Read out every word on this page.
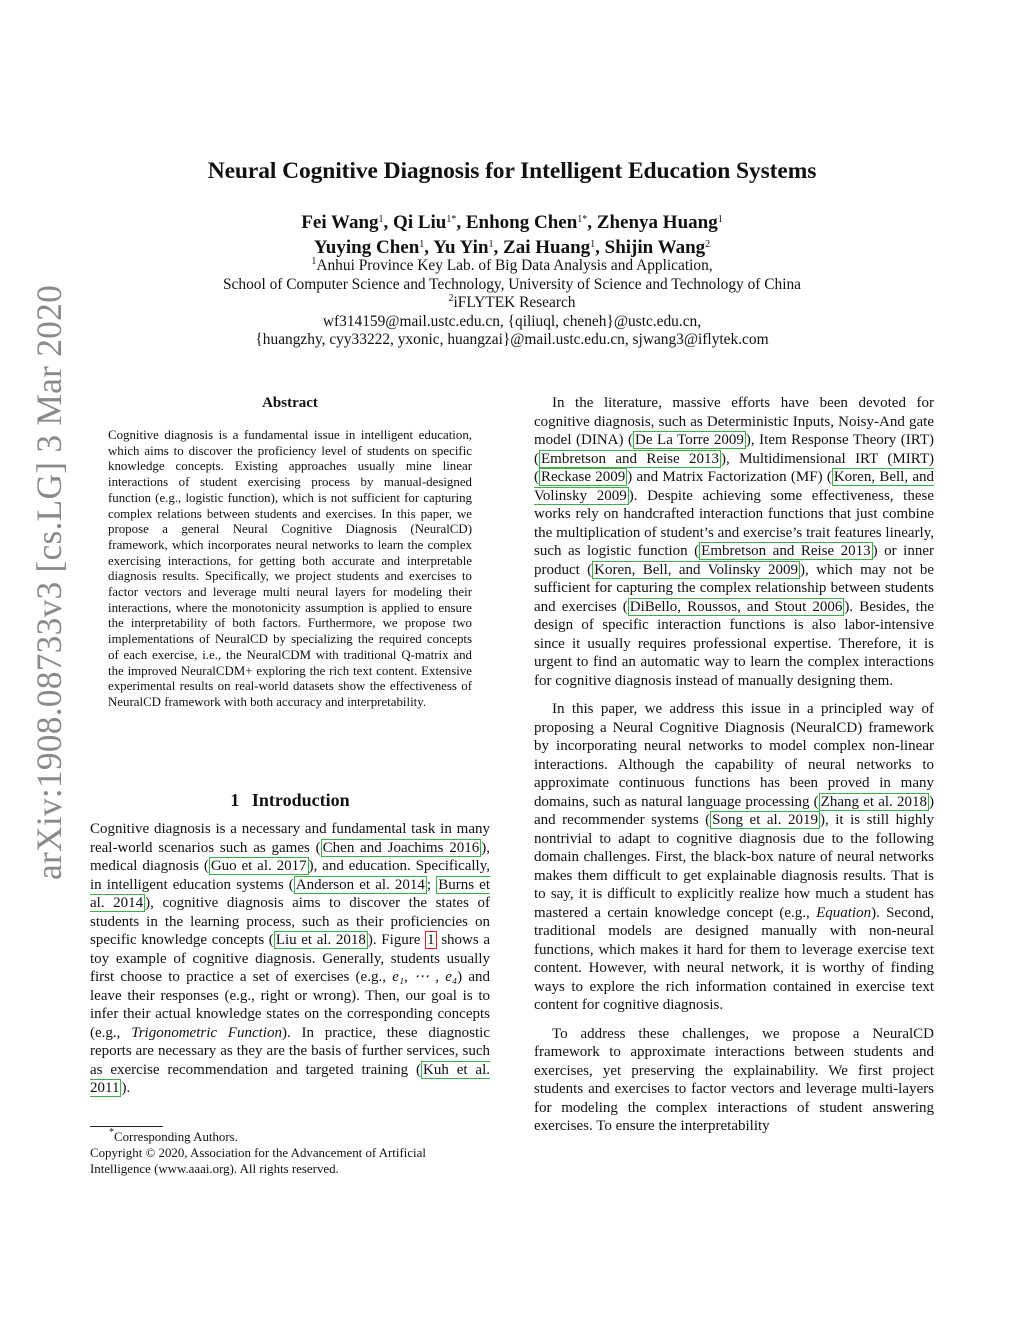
arXiv:1908.08733v3 [cs.LG] 3 Mar 2020
Neural Cognitive Diagnosis for Intelligent Education Systems
Fei Wang$^1$, Qi Liu$^{1*}$, Enhong Chen$^{1*}$, Zhenya Huang$^1$
Yuying Chen$^1$, Yu Yin$^1$, Zai Huang$^1$, Shijin Wang$^2$
$^1$Anhui Province Key Lab. of Big Data Analysis and Application,
School of Computer Science and Technology, University of Science and Technology of China
$^2$iFLYTEK Research
wf314159@mail.ustc.edu.cn, {qiliuql, cheneh}@ustc.edu.cn,
{huangzhy, cyy33222, yxonic, huangzai}@mail.ustc.edu.cn, sjwang3@iflytek.com
Abstract
Cognitive diagnosis is a fundamental issue in intelligent education, which aims to discover the proficiency level of students on specific knowledge concepts. Existing approaches usually mine linear interactions of student exercising process by manual-designed function (e.g., logistic function), which is not sufficient for capturing complex relations between students and exercises. In this paper, we propose a general Neural Cognitive Diagnosis (NeuralCD) framework, which incorporates neural networks to learn the complex exercising interactions, for getting both accurate and interpretable diagnosis results. Specifically, we project students and exercises to factor vectors and leverage multi neural layers for modeling their interactions, where the monotonicity assumption is applied to ensure the interpretability of both factors. Furthermore, we propose two implementations of NeuralCD by specializing the required concepts of each exercise, i.e., the NeuralCDM with traditional Q-matrix and the improved NeuralCDM+ exploring the rich text content. Extensive experimental results on real-world datasets show the effectiveness of NeuralCD framework with both accuracy and interpretability.
1 Introduction

Cognitive diagnosis is a necessary and fundamental task in many real-world scenarios such as games ( Chen and Joachims 2016 ), medical diagnosis ( Guo et al. 2017 ), and education. Specifically, in intelligent education systems ( Anderson et al. 2014 ; Burns et al. 2014 ), cognitive diagnosis aims to discover the states of students in the learning process, such as their proficiencies on specific knowledge concepts ( Liu et al. 2018 ). Figure 1 shows a toy example of cognitive diagnosis. Generally, students usually first choose to practice a set of exercises (e.g., e₁, ⋯ , e₄) and leave their responses (e.g., right or wrong). Then, our goal is to infer their actual knowledge states on the corresponding concepts (e.g., Trigonometric Function). In practice, these diagnostic reports are necessary as they are the basis of further services, such as exercise recommendation and targeted training ( Kuh et al. 2011 ).

*Corresponding Authors.
Copyright © 2020, Association for the Advancement of Artificial
Intelligence (www.aaai.org). All rights reserved.

In the literature, massive efforts have been devoted for cognitive diagnosis, such as Deterministic Inputs, Noisy-And gate model (DINA) ( De La Torre 2009 ), Item Response Theory (IRT) ( Embretson and Reise 2013 ), Multidimensional IRT (MIRT) ( Reckase 2009 ) and Matrix Factorization (MF) ( Koren, Bell, and Volinsky 2009 ). Despite achieving some effectiveness, these works rely on handcrafted interaction functions that just combine the multiplication of student’s and exercise’s trait features linearly, such as logistic function ( Embretson and Reise 2013 ) or inner product ( Koren, Bell, and Volinsky 2009 ), which may not be sufficient for capturing the complex relationship between students and exercises ( DiBello, Roussos, and Stout 2006 ). Besides, the design of specific interaction functions is also labor-intensive since it usually requires professional expertise. Therefore, it is urgent to find an automatic way to learn the complex interactions for cognitive diagnosis instead of manually designing them.

In this paper, we address this issue in a principled way of proposing a Neural Cognitive Diagnosis (NeuralCD) framework by incorporating neural networks to model complex non-linear interactions. Although the capability of neural networks to approximate continuous functions has been proved in many domains, such as natural language processing ( Zhang et al. 2018 ) and recommender systems ( Song et al. 2019 ), it is still highly nontrivial to adapt to cognitive diagnosis due to the following domain challenges. First, the black-box nature of neural networks makes them difficult to get explainable diagnosis results. That is to say, it is difficult to explicitly realize how much a student has mastered a certain knowledge concept (e.g., Equation). Second, traditional models are designed manually with non-neural functions, which makes it hard for them to leverage exercise text content. However, with neural network, it is worthy of finding ways to explore the rich information contained in exercise text content for cognitive diagnosis.

To address these challenges, we propose a NeuralCD framework to approximate interactions between students and exercises, yet preserving the explainability. We first project students and exercises to factor vectors and leverage multi-layers for modeling the complex interactions of student answering exercises. To ensure the interpretability
